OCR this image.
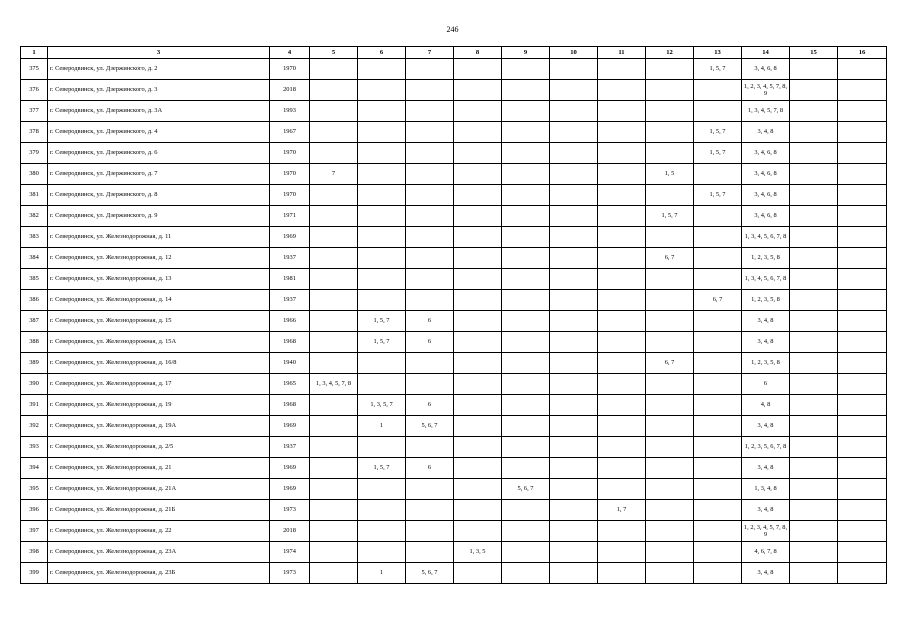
246
1	3	4	5	6	7	8	9	10	11	12	13	14	15	16
375	г. Северодвинск, ул. Дзержинского, д. 2	1970									1, 5, 7	3, 4, 6, 8		
376	г. Северодвинск, ул. Дзержинского, д. 3	2018										1, 2, 3, 4, 5, 7, 8, 9		
377	г. Северодвинск, ул. Дзержинского, д. 3А	1993										1, 3, 4, 5, 7, 8		
378	г. Северодвинск, ул. Дзержинского, д. 4	1967									1, 5, 7	3, 4, 8		
379	г. Северодвинск, ул. Дзержинского, д. 6	1970									1, 5, 7	3, 4, 6, 8		
380	г. Северодвинск, ул. Дзержинского, д. 7	1970	7							1, 5		3, 4, 6, 8		
381	г. Северодвинск, ул. Дзержинского, д. 8	1970									1, 5, 7	3, 4, 6, 8		
382	г. Северодвинск, ул. Дзержинского, д. 9	1971								1, 5, 7		3, 4, 6, 8		
383	г. Северодвинск, ул. Железнодорожная, д. 11	1969										1, 3, 4, 5, 6, 7, 8		
384	г. Северодвинск, ул. Железнодорожная, д. 12	1937								6, 7		1, 2, 3, 5, 8		
385	г. Северодвинск, ул. Железнодорожная, д. 13	1981										1, 3, 4, 5, 6, 7, 8		
386	г. Северодвинск, ул. Железнодорожная, д. 14	1937									6, 7	1, 2, 3, 5, 8		
387	г. Северодвинск, ул. Железнодорожная, д. 15	1966		1, 5, 7	6							3, 4, 8		
388	г. Северодвинск, ул. Железнодорожная, д. 15А	1968		1, 5, 7	6							3, 4, 8		
389	г. Северодвинск, ул. Железнодорожная, д. 16/8	1940								6, 7		1, 2, 3, 5, 8		
390	г. Северодвинск, ул. Железнодорожная, д. 17	1965	1, 3, 4, 5, 7, 8									6		
391	г. Северодвинск, ул. Железнодорожная, д. 19	1968		1, 3, 5, 7	6							4, 8		
392	г. Северодвинск, ул. Железнодорожная, д. 19А	1969		1	5, 6, 7							3, 4, 8		
393	г. Северодвинск, ул. Железнодорожная, д. 2/5	1937										1, 2, 3, 5, 6, 7, 8		
394	г. Северодвинск, ул. Железнодорожная, д. 21	1969		1, 5, 7	6							3, 4, 8		
395	г. Северодвинск, ул. Железнодорожная, д. 21А	1969					5, 6, 7					1, 3, 4, 8		
396	г. Северодвинск, ул. Железнодорожная, д. 21Б	1973							1, 7			3, 4, 8		
397	г. Северодвинск, ул. Железнодорожная, д. 22	2018										1, 2, 3, 4, 5, 7, 8, 9		
398	г. Северодвинск, ул. Железнодорожная, д. 23А	1974				1, 3, 5						4, 6, 7, 8		
399	г. Северодвинск, ул. Железнодорожная, д. 23Б	1973		1	5, 6, 7							3, 4, 8		
